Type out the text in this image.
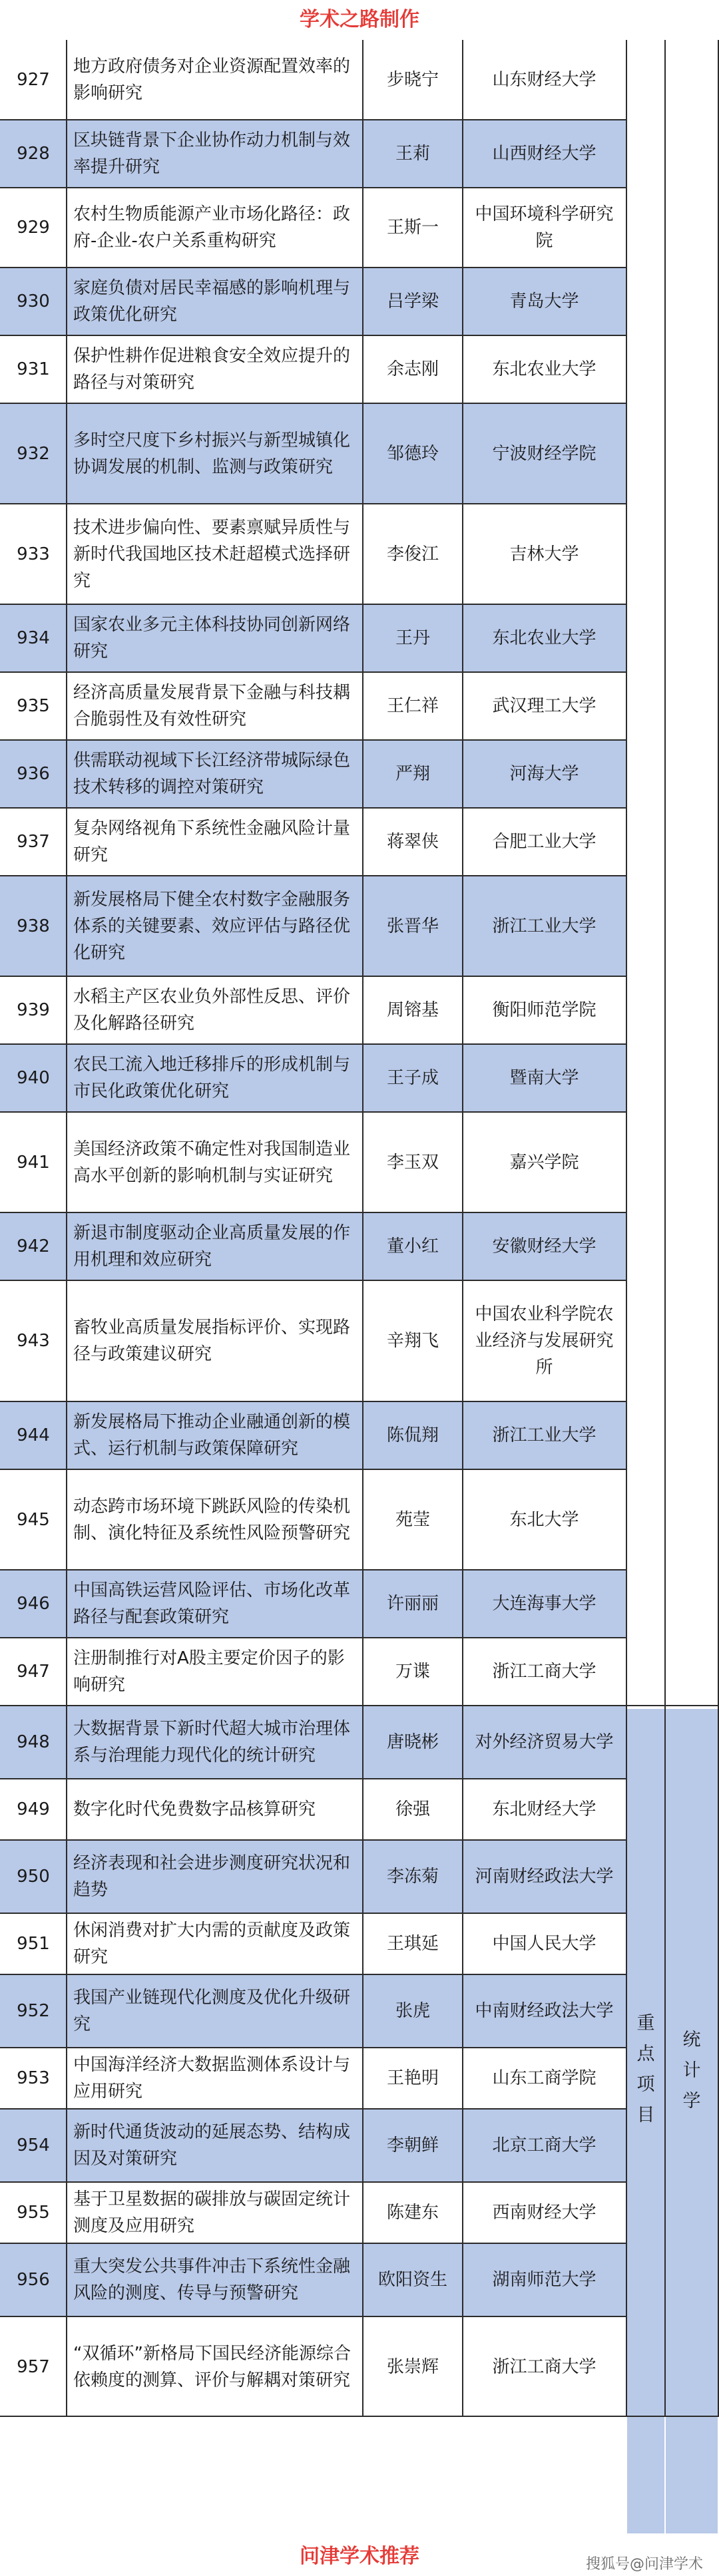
学术之路制作
927
地方政府债务对企业资源配置效率的影响研究
步晓宁	山东财经大学
928
区块链背景下企业协作动力机制与效率提升研究
王莉	山西财经大学
929
农村生物质能源产业市场化路径：政府-企业-农户关系重构研究
王斯一
中国环境科学研究院
930
家庭负债对居民幸福感的影响机理与政策优化研究
吕学梁	青岛大学
931
保护性耕作促进粮食安全效应提升的路径与对策研究
余志刚	东北农业大学
932
多时空尺度下乡村振兴与新型城镇化协调发展的机制、监测与政策研究
邹德玲	宁波财经学院
933
技术进步偏向性、要素禀赋异质性与新时代我国地区技术赶超模式选择研究
李俊江	吉林大学
934
国家农业多元主体科技协同创新网络研究
王丹	东北农业大学
935
经济高质量发展背景下金融与科技耦合脆弱性及有效性研究
王仁祥	武汉理工大学
936
供需联动视域下长江经济带城际绿色技术转移的调控对策研究
严翔	河海大学
937
复杂网络视角下系统性金融风险计量研究
蒋翠侠	合肥工业大学
938
新发展格局下健全农村数字金融服务体系的关键要素、效应评估与路径优化研究
张晋华	浙江工业大学
939
水稻主产区农业负外部性反思、评价及化解路径研究
周镕基	衡阳师范学院
940
农民工流入地迁移排斥的形成机制与市民化政策优化研究
王子成	暨南大学
941
美国经济政策不确定性对我国制造业高水平创新的影响机制与实证研究
李玉双	嘉兴学院
942
新退市制度驱动企业高质量发展的作用机理和效应研究
董小红	安徽财经大学
943
畜牧业高质量发展指标评价、实现路径与政策建议研究
辛翔飞
中国农业科学院农业经济与发展研究所
944
新发展格局下推动企业融通创新的模式、运行机制与政策保障研究
陈侃翔	浙江工业大学
945
动态跨市场环境下跳跃风险的传染机制、演化特征及系统性风险预警研究
苑莹	东北大学
946
中国高铁运营风险评估、市场化改革路径与配套政策研究
许丽丽	大连海事大学
947
注册制推行对A股主要定价因子的影响研究
万谍	浙江工商大学
948
大数据背景下新时代超大城市治理体系与治理能力现代化的统计研究
唐晓彬	对外经济贸易大学
949	数字化时代免费数字品核算研究	徐强	东北财经大学
950
经济表现和社会进步测度研究状况和趋势
李冻菊	河南财经政法大学
951
休闲消费对扩大内需的贡献度及政策研究
王琪延	中国人民大学
952
我国产业链现代化测度及优化升级研究
张虎	中南财经政法大学
953
中国海洋经济大数据监测体系设计与应用研究
王艳明	山东工商学院
954
新时代通货波动的延展态势、结构成因及对策研究
李朝鲜	北京工商大学
955
基于卫星数据的碳排放与碳固定统计测度及应用研究
陈建东	西南财经大学
956
重大突发公共事件冲击下系统性金融风险的测度、传导与预警研究
欧阳资生	湖南师范大学
957
“双循环”新格局下国民经济能源综合依赖度的测算、评价与解耦对策研究
张崇辉	浙江工商大学
重点项目
统计学
问津学术推荐	搜狐号@问津学术
